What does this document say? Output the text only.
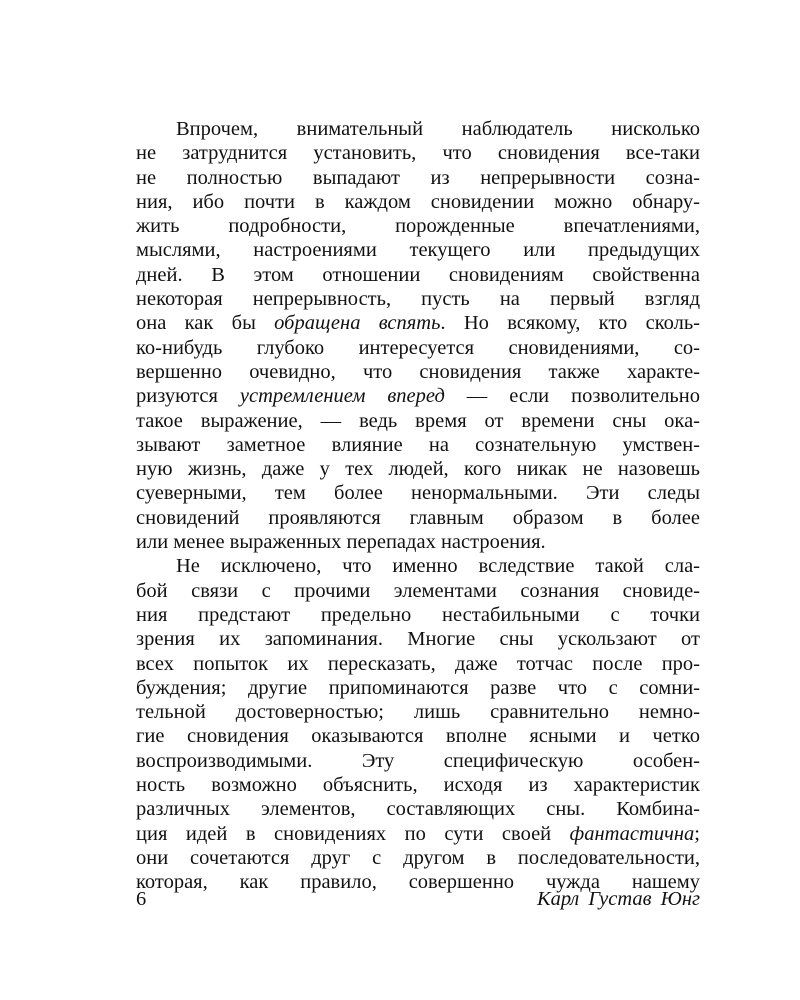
Впрочем, внимательный наблюдатель нисколько
не затруднится установить, что сновидения все-таки
не полностью выпадают из непрерывности созна-
ния, ибо почти в каждом сновидении можно обнару-
жить подробности, порожденные впечатлениями,
мыслями, настроениями текущего или предыдущих
дней. В этом отношении сновидениям свойственна
некоторая непрерывность, пусть на первый взгляд
она как бы обращена вспять. Но всякому, кто сколь-
ко-нибудь глубоко интересуется сновидениями, со-
вершенно очевидно, что сновидения также характе-
ризуются устремлением вперед — если позволительно
такое выражение, — ведь время от времени сны ока-
зывают заметное влияние на сознательную умствен-
ную жизнь, даже у тех людей, кого никак не назовешь
суеверными, тем более ненормальными. Эти следы
сновидений проявляются главным образом в более
или менее выраженных перепадах настроения.
Не исключено, что именно вследствие такой сла-
бой связи с прочими элементами сознания сновиде-
ния предстают предельно нестабильными с точки
зрения их запоминания. Многие сны ускользают от
всех попыток их пересказать, даже тотчас после про-
буждения; другие припоминаются разве что с сомни-
тельной достоверностью; лишь сравнительно немно-
гие сновидения оказываются вполне ясными и четко
воспроизводимыми. Эту специфическую особен-
ность возможно объяснить, исходя из характеристик
различных элементов, составляющих сны. Комбина-
ция идей в сновидениях по сути своей фантастична;
они сочетаются друг с другом в последовательности,
которая, как правило, совершенно чужда нашему
6	Карл Густав Юнг
